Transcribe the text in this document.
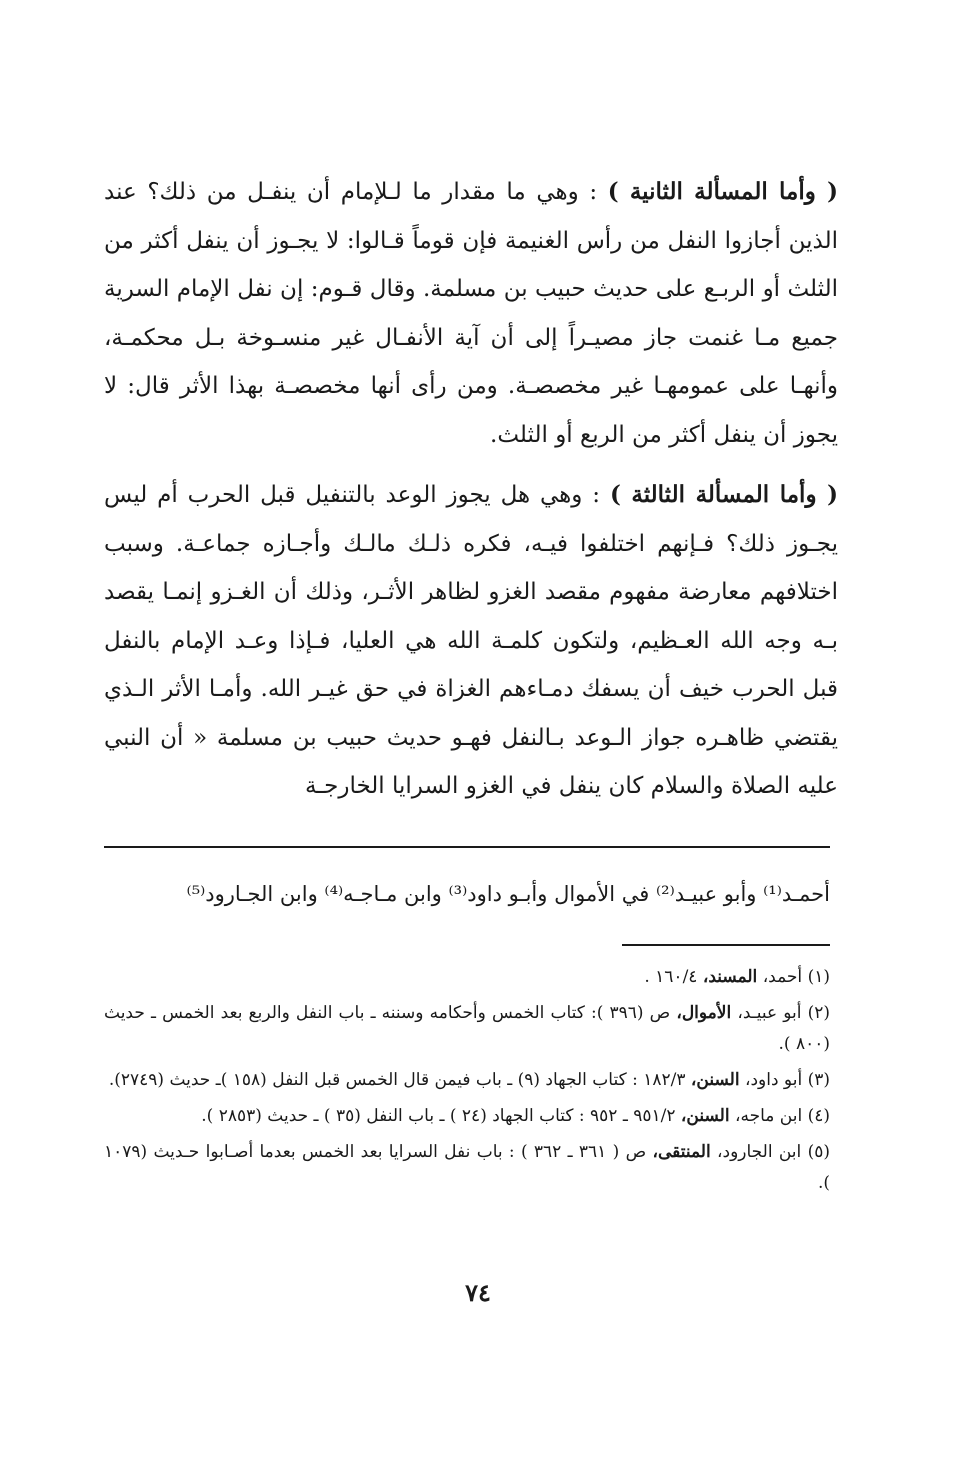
( وأما المسألة الثانية ) : وهي ما مقدار ما لـلإمام أن ينفـل من ذلك؟ عند الذين أجازوا النفل من رأس الغنيمة فإن قوماً قـالوا: لا يجـوز أن ينفل أكثر من الثلث أو الربـع على حديث حبيب بن مسلمة. وقال قـوم: إن نفل الإمام السرية جميع مـا غنمت جاز مصيـراً إلى أن آية الأنفـال غير منسـوخة بـل محكمـة، وأنهـا على عمومهـا غير مخصصـة. ومن رأى أنها مخصصـة بهذا الأثر قال: لا يجوز أن ينفل أكثر من الربع أو الثلث.

( وأما المسألة الثالثة ) : وهي هل يجوز الوعد بالتنفيل قبل الحرب أم ليس يجـوز ذلك؟ فـإنهم اختلفوا فيـه، فكره ذلـك مالـك وأجـازه جماعـة. وسبب اختلافهم معارضة مفهوم مقصد الغزو لظاهر الأثـر، وذلك أن الغـزو إنمـا يقصد بـه وجه الله العـظيم، ولتكون كلمـة الله هي العليا، فـإذا وعـد الإمام بالنفل قبل الحرب خيف أن يسفك دمـاءهم الغزاة في حق غيـر الله. وأمـا الأثر الـذي يقتضي ظاهـره جواز الـوعد بـالنفل فهـو حديث حبيب بن مسلمة « أن النبي عليه الصلاة والسلام كان ينفل في الغزو السرايا الخارجـة

أحمـد⁽¹⁾ وأبو عبيـد⁽²⁾ في الأموال وأبـو داود⁽³⁾ وابن مـاجـه⁽⁴⁾ وابن الجـارود⁽⁵⁾

(١) أحمد، المسند، ١٦٠/٤ .
(٢) أبو عبيـد، الأموال، ص (٣٩٦ ): كتاب الخمس وأحكامه وسننه ـ باب النفل والربع بعد الخمس ـ حديث (٨٠٠ ).
(٣) أبو داود، السنن، ١٨٢/٣ : كتاب الجهاد (٩) ـ باب فيمن قال الخمس قبل النفل (١٥٨ )ـ حديث (٢٧٤٩).
(٤) ابن ماجه، السنن، ٩٥١/٢ ـ ٩٥٢ : كتاب الجهاد (٢٤ ) ـ باب النفل (٣٥ ) ـ حديث (٢٨٥٣ ).
(٥) ابن الجارود، المنتقى، ص ( ٣٦١ ـ ٣٦٢ ) : باب نفل السرايا بعد الخمس بعدما أصـابوا حـديث (١٠٧٩ ).
٧٤
